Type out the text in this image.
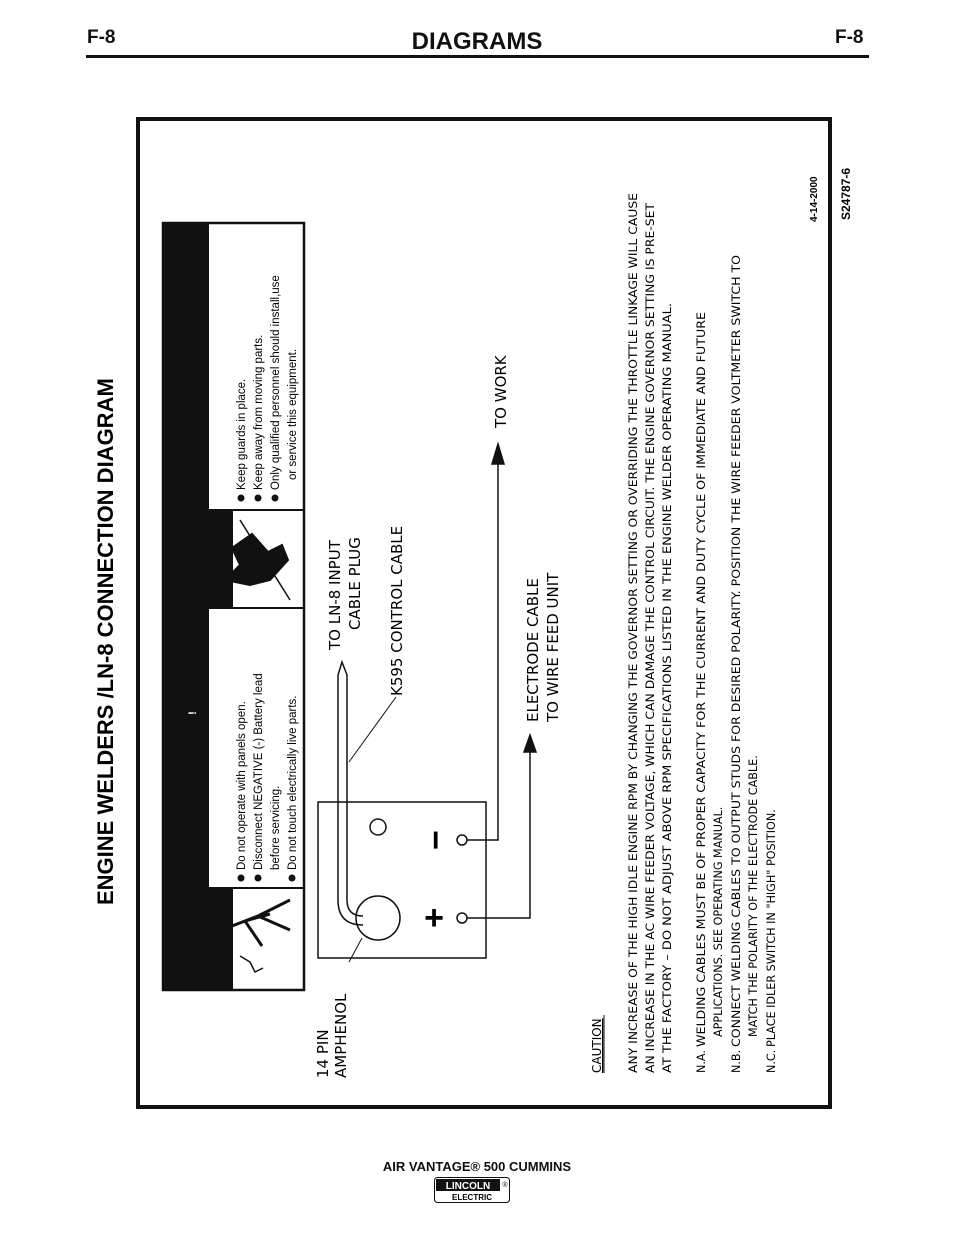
F-8	DIAGRAMS	F-8
ENGINE WELDERS /LN-8 CONNECTION DIAGRAM	!
WARNING
Do not operate with panels open. Disconnect NEGATIVE (-) Battery lead before servicing. Do not touch electrically live parts.
Keep guards in place. Keep away from moving parts. Only qualified personnel should install,use or service this equipment.
+
−
14 PIN AMPHENOL
K595 CONTROL CABLE
TO LN-8 INPUT CABLE PLUG
TO WORK
ELECTRODE CABLE TO WIRE FEED UNIT
CAUTION ANY INCREASE OF THE HIGH IDLE ENGINE RPM BY CHANGING THE GOVERNOR SETTING OR OVERRIDING THE THROTTLE LINKAGE WILL CAUSE AN INCREASE IN THE AC WIRE FEEDER VOLTAGE, WHICH CAN DAMAGE THE CONTROL CIRCUIT. THE ENGINE GOVERNOR SETTING IS PRE-SET AT THE FACTORY – DO NOT ADJUST ABOVE RPM SPECIFICATIONS LISTED IN THE ENGINE WELDER OPERATING MANUAL. N.A.
WELDING CABLES MUST BE OF PROPER CAPACITY FOR THE CURRENT AND DUTY CYCLE OF IMMEDIATE AND FUTURE APPLICATIONS. SEE OPERATING MANUAL.
N.B.
CONNECT WELDING CABLES TO OUTPUT STUDS FOR DESIRED POLARITY. POSITION THE WIRE FEEDER VOLTMETER SWITCH TO MATCH THE POLARITY OF THE ELECTRODE CABLE.
N.C.
PLACE IDLER SWITCH IN "HIGH" POSITION.
4-14-2000 S24787-6
AIR VANTAGE® 500 CUMMINS
LINCOLN ®
ELECTRIC
